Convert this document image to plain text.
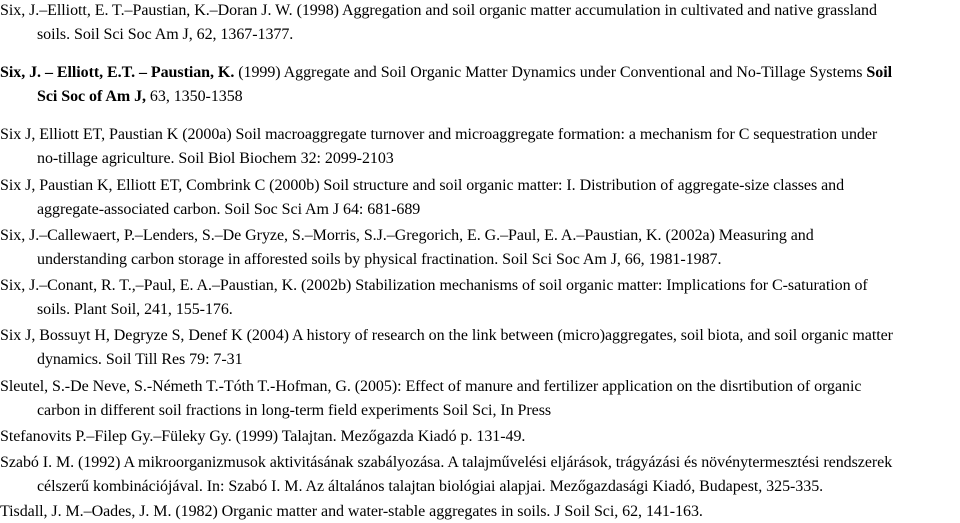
Six, J.–Elliott, E. T.–Paustian, K.–Doran J. W. (1998) Aggregation and soil organic matter accumulation in cultivated and native grassland
soils. Soil Sci Soc Am J, 62, 1367-1377.
Six, J. – Elliott, E.T. – Paustian, K. (1999) Aggregate and Soil Organic Matter Dynamics under Conventional and No-Tillage Systems Soil
Sci Soc of Am J, 63, 1350-1358
Six J, Elliott ET, Paustian K (2000a) Soil macroaggregate turnover and microaggregate formation: a mechanism for C sequestration under
no-tillage agriculture. Soil Biol Biochem 32: 2099-2103
Six J, Paustian K, Elliott ET, Combrink C (2000b) Soil structure and soil organic matter: I. Distribution of aggregate-size classes and
aggregate-associated carbon. Soil Soc Sci Am J 64: 681-689
Six, J.–Callewaert, P.–Lenders, S.–De Gryze, S.–Morris, S.J.–Gregorich, E. G.–Paul, E. A.–Paustian, K. (2002a) Measuring and
understanding carbon storage in afforested soils by physical fractination. Soil Sci Soc Am J, 66, 1981-1987.
Six, J.–Conant, R. T.,–Paul, E. A.–Paustian, K. (2002b) Stabilization mechanisms of soil organic matter: Implications for C-saturation of
soils. Plant Soil, 241, 155-176.
Six J, Bossuyt H, Degryze S, Denef K (2004) A history of research on the link between (micro)aggregates, soil biota, and soil organic matter
dynamics. Soil Till Res 79: 7-31
Sleutel, S.-De Neve, S.-Németh T.-Tóth T.-Hofman, G. (2005): Effect of manure and fertilizer application on the disrtibution of organic
carbon in different soil fractions in long-term field experiments Soil Sci, In Press
Stefanovits P.–Filep Gy.–Füleky Gy. (1999) Talajtan. Mezőgazda Kiadó p. 131-49.
Szabó I. M. (1992) A mikroorganizmusok aktivitásának szabályozása. A talajművelési eljárások, trágyázási és növénytermesztési rendszerek
célszerű kombinációjával. In: Szabó I. M. Az általános talajtan biológiai alapjai. Mezőgazdasági Kiadó, Budapest, 325-335.
Tisdall, J. M.–Oades, J. M. (1982) Organic matter and water-stable aggregates in soils. J Soil Sci, 62, 141-163.
